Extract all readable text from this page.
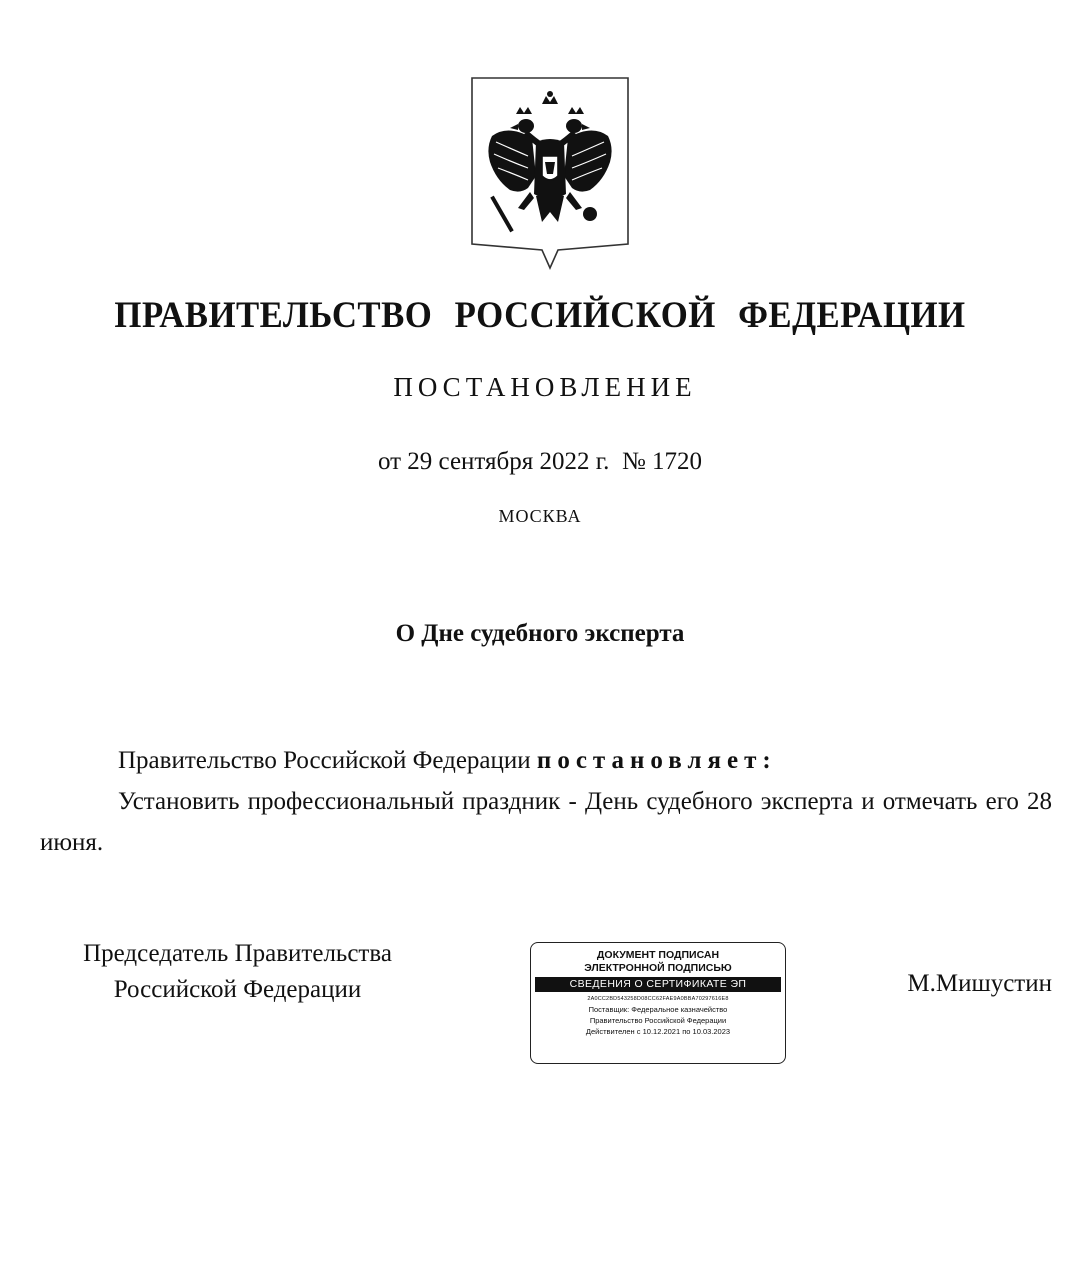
ПРАВИТЕЛЬСТВО РОССИЙСКОЙ ФЕДЕРАЦИИ
ПОСТАНОВЛЕНИЕ
от 29 сентября 2022 г. № 1720
МОСКВА
О Дне судебного эксперта

Правительство Российской Федерации постановляет:

Установить профессиональный праздник - День судебного эксперта и отмечать его 28 июня.

Председатель Правительства
Российской Федерации
ДОКУМЕНТ ПОДПИСАН
ЭЛЕКТРОННОЙ ПОДПИСЬЮ
СВЕДЕНИЯ О СЕРТИФИКАТЕ ЭП
2A0CC2BD543258D08CC62FAE9A0BBA70297616E8
Поставщик: Федеральное казначейство
Правительство Российской Федерации
Действителен с 10.12.2021 по 10.03.2023
М.Мишустин
